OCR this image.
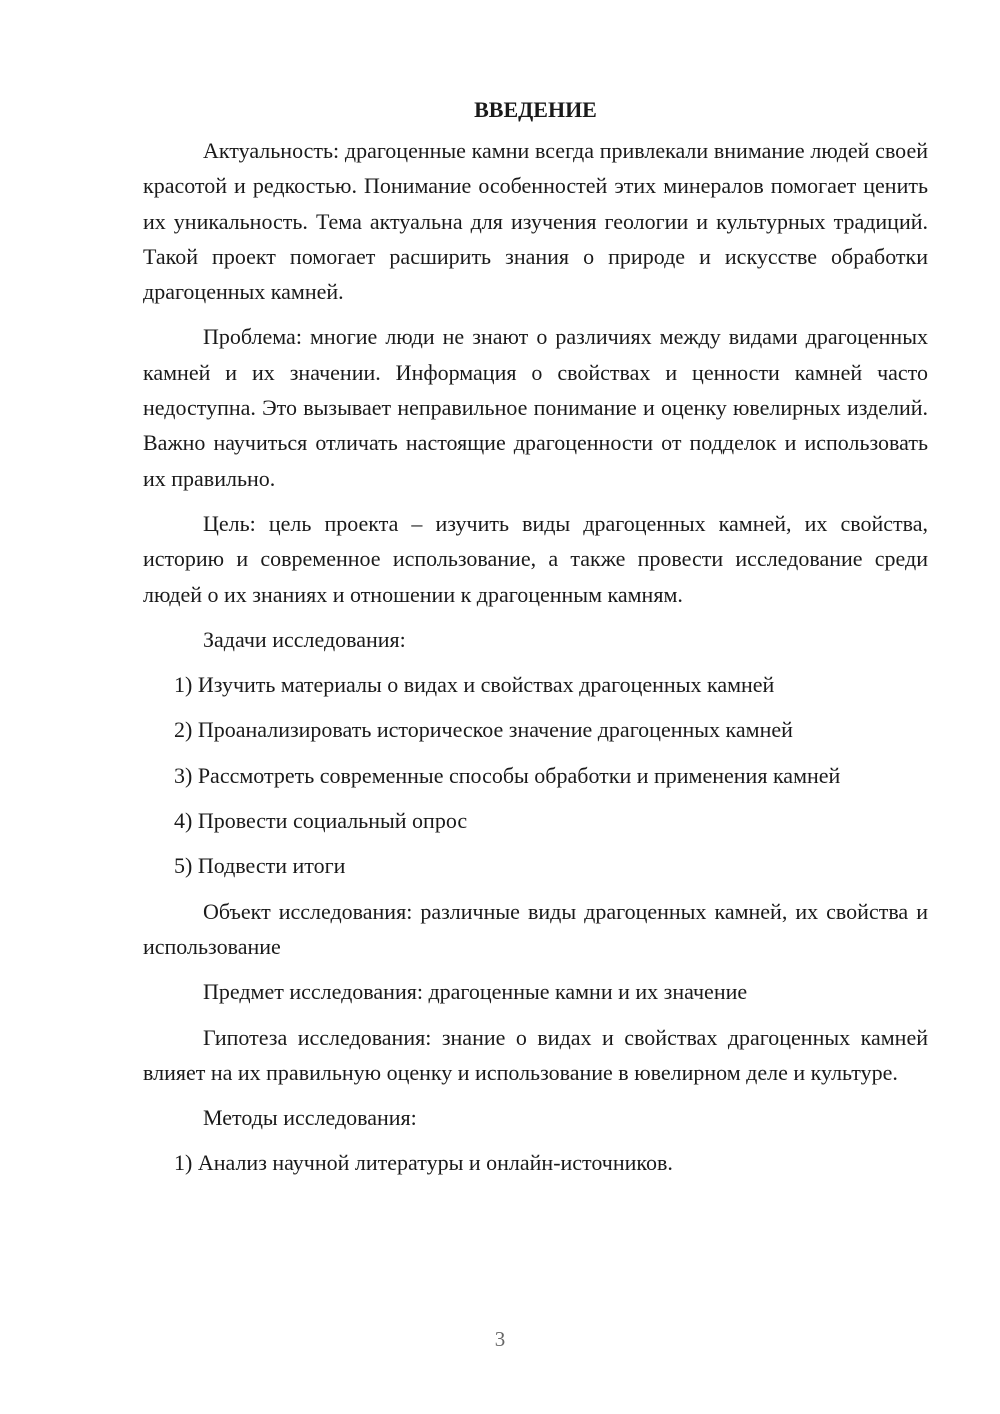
ВВЕДЕНИЕ

Актуальность: драгоценные камни всегда привлекали внимание людей своей красотой и редкостью. Понимание особенностей этих минералов помогает ценить их уникальность. Тема актуальна для изучения геологии и культурных традиций. Такой проект помогает расширить знания о природе и искусстве обработки драгоценных камней.

Проблема: многие люди не знают о различиях между видами драгоценных камней и их значении. Информация о свойствах и ценности камней часто недоступна. Это вызывает неправильное понимание и оценку ювелирных изделий. Важно научиться отличать настоящие драгоценности от подделок и использовать их правильно.

Цель: цель проекта – изучить виды драгоценных камней, их свойства, историю и современное использование, а также провести исследование среди людей о их знаниях и отношении к драгоценным камням.

Задачи исследования:

1) Изучить материалы о видах и свойствах драгоценных камней
2) Проанализировать историческое значение драгоценных камней
3) Рассмотреть современные способы обработки и применения камней
4) Провести социальный опрос
5) Подвести итоги

Объект исследования: различные виды драгоценных камней, их свойства и использование

Предмет исследования: драгоценные камни и их значение

Гипотеза исследования: знание о видах и свойствах драгоценных камней влияет на их правильную оценку и использование в ювелирном деле и культуре.

Методы исследования:

1) Анализ научной литературы и онлайн-источников.
3
